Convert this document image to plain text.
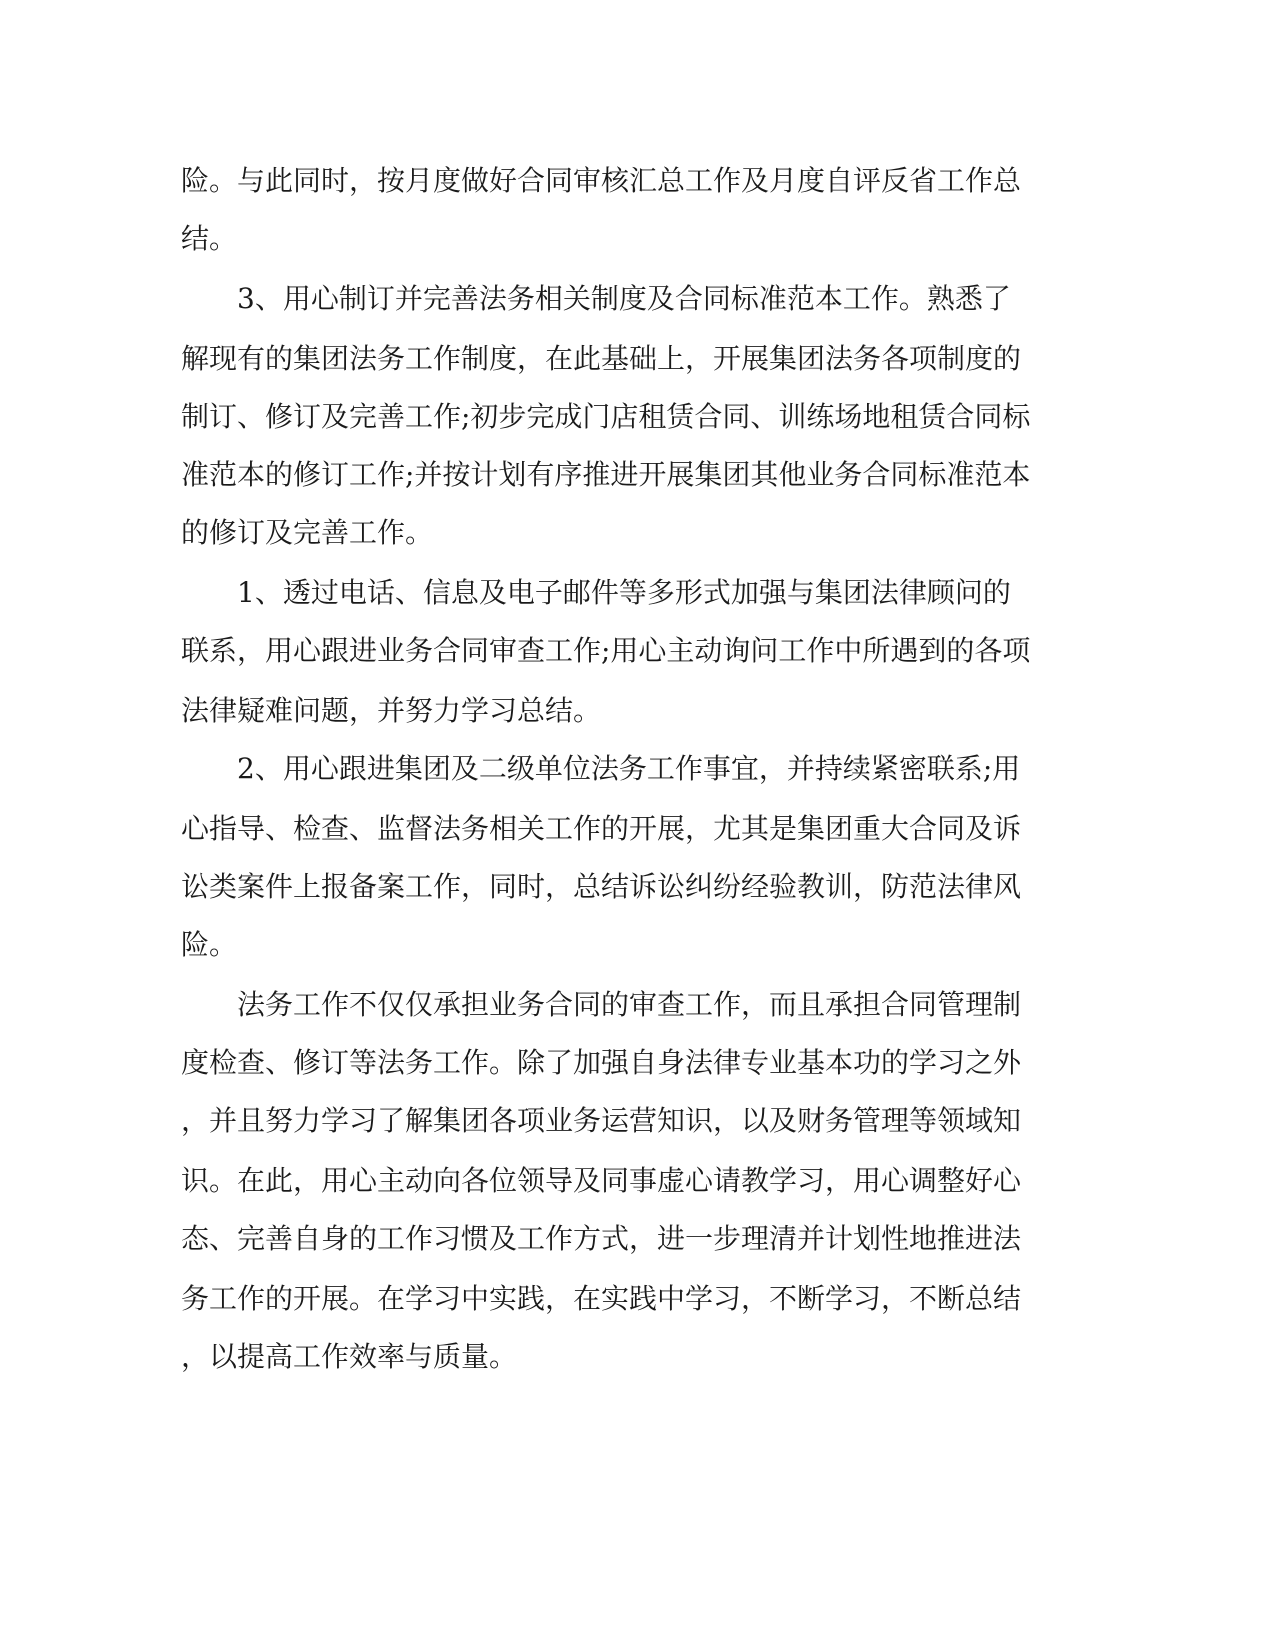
险。与此同时，按月度做好合同审核汇总工作及月度自评反省工作总
结。
　　3、用心制订并完善法务相关制度及合同标准范本工作。熟悉了
解现有的集团法务工作制度，在此基础上，开展集团法务各项制度的
制订、修订及完善工作;初步完成门店租赁合同、训练场地租赁合同标
准范本的修订工作;并按计划有序推进开展集团其他业务合同标准范本
的修订及完善工作。
　　1、透过电话、信息及电子邮件等多形式加强与集团法律顾问的
联系，用心跟进业务合同审查工作;用心主动询问工作中所遇到的各项
法律疑难问题，并努力学习总结。
　　2、用心跟进集团及二级单位法务工作事宜，并持续紧密联系;用
心指导、检查、监督法务相关工作的开展，尤其是集团重大合同及诉
讼类案件上报备案工作，同时，总结诉讼纠纷经验教训，防范法律风
险。
　　法务工作不仅仅承担业务合同的审查工作，而且承担合同管理制
度检查、修订等法务工作。除了加强自身法律专业基本功的学习之外
，并且努力学习了解集团各项业务运营知识，以及财务管理等领域知
识。在此，用心主动向各位领导及同事虚心请教学习，用心调整好心
态、完善自身的工作习惯及工作方式，进一步理清并计划性地推进法
务工作的开展。在学习中实践，在实践中学习，不断学习，不断总结
，以提高工作效率与质量。
